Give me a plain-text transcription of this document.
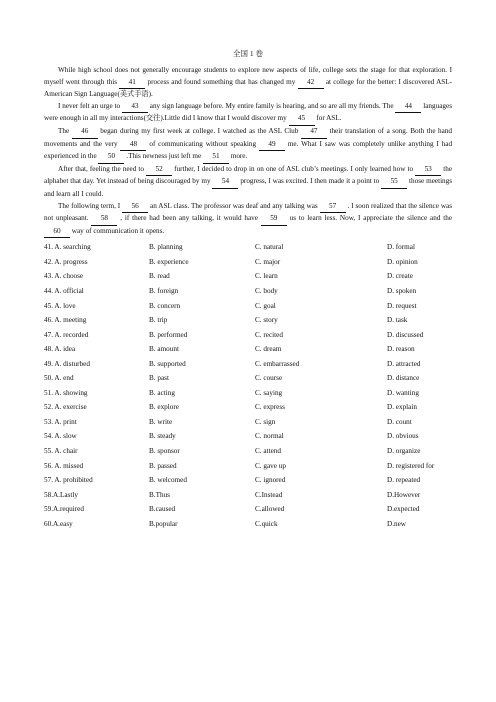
全国 1 卷

While high school does not generally encourage students to explore new aspects of life, college sets the stage for that exploration. I myself went through this 41 process and found something that has changed my 42 at college for the better: I discovered ASL-American Sign Language(美式手语).

I never felt an urge to 43 any sign language before. My entire family is hearing, and so are all my friends. The 44 languages were enough in all my interactions(交往).Little did I know that I would discover my 45 for ASL.

The 46 began during my first week at college. I watched as the ASL Club 47 their translation of a song. Both the hand movements and the very 48 of communicating without speaking 49 me. What I saw was completely unlike anything I had experienced in the 50 .This newness just left me 51 more.

After that, feeling the need to 52 further, I decided to drop in on one of ASL club’s meetings. I only learned how to 53 the alphabet that day. Yet instead of being discouraged by my 54 progress, I was excited. I then made it a point to 55 those meetings and learn all I could.

The following term, I 56 an ASL class. The professor was deaf and any talking was 57 . I soon realized that the silence was not unpleasant. 58 , if there had been any talking, it would have 59 us to learn less. Now, I appreciate the silence and the 60 way of communication it opens.

41. A. searching	B. planning	C. natural	D. formal
42. A. progress	B. experience	C. major	D. opinion
43. A. choose	B. read	C. learn	D. create
44. A. official	B. foreign	C. body	D. spoken
45. A. love	B. concern	C. goal	D. request
46. A. meeting	B. trip	C. story	D. task
47. A. recorded	B. performed	C. recited	D. discussed
48. A. idea	B. amount	C. dream	D. reason
49. A. disturbed	B. supported	C. embarrassed	D. attracted
50. A. end	B. past	C. course	D. distance
51. A. showing	B. acting	C. saying	D. wanting
52. A. exercise	B. explore	C. express	D. explain
53. A. print	B. write	C. sign	D. count
54. A. slow	B. steady	C. normal	D. obvious
55. A. chair	B. sponsor	C. attend	D. organize
56. A. missed	B. passed	C. gave up	D. registered for
57. A. prohibited	B. welcomed	C. ignored	D. repeated
58.A.Lastly	B.Thus	C.Instead	D.However
59.A.required	B.caused	C.allowed	D.expected
60.A.easy	B.popular	C.quick	D.new
